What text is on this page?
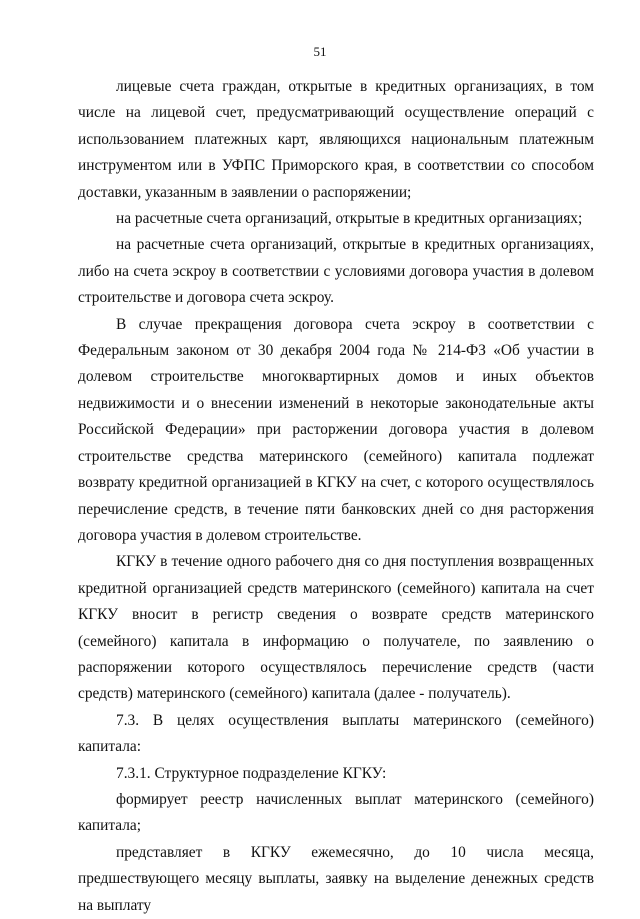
51

лицевые счета граждан, открытые в кредитных организациях, в том числе на лицевой счет, предусматривающий осуществление операций с использованием платежных карт, являющихся национальным платежным инструментом или в УФПС Приморского края, в соответствии со способом доставки, указанным в заявлении о распоряжении;

на расчетные счета организаций, открытые в кредитных организациях;

на расчетные счета организаций, открытые в кредитных организациях, либо на счета эскроу в соответствии с условиями договора участия в долевом строительстве и договора счета эскроу.

В случае прекращения договора счета эскроу в соответствии с Федеральным законом от 30 декабря 2004 года № 214-ФЗ «Об участии в долевом строительстве многоквартирных домов и иных объектов недвижимости и о внесении изменений в некоторые законодательные акты Российской Федерации» при расторжении договора участия в долевом строительстве средства материнского (семейного) капитала подлежат возврату кредитной организацией в КГКУ на счет, с которого осуществлялось перечисление средств, в течение пяти банковских дней со дня расторжения договора участия в долевом строительстве.

КГКУ в течение одного рабочего дня со дня поступления возвращенных кредитной организацией средств материнского (семейного) капитала на счет КГКУ вносит в регистр сведения о возврате средств материнского (семейного) капитала в информацию о получателе, по заявлению о распоряжении которого осуществлялось перечисление средств (части средств) материнского (семейного) капитала (далее - получатель).

7.3. В целях осуществления выплаты материнского (семейного) капитала:

7.3.1. Структурное подразделение КГКУ:

формирует реестр начисленных выплат материнского (семейного) капитала;

представляет в КГКУ ежемесячно, до 10 числа месяца, предшествующего месяцу выплаты, заявку на выделение денежных средств на выплату
